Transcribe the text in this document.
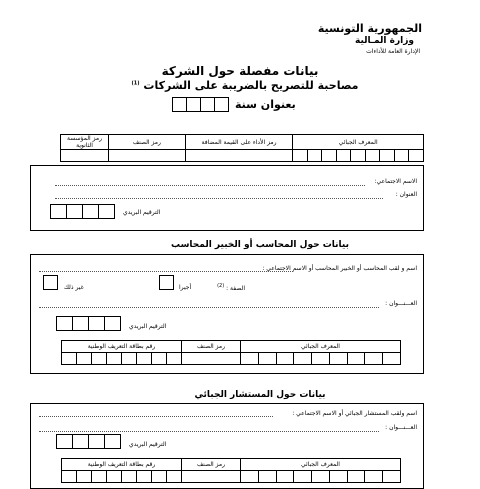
الجمهورية التونسية
وزارة المـالية
الإدارة العامة للأداءات
بيانات مفصلة حول الشركة
مصاحبة للتصريح بالضريبة على الشركات $^{(1)}$
بعنوان سنة
رمز المؤسسة الثانوية	رمز الصنف	رمز الأداء على القيمة المضافة	المعرف الجبائي								

الاسم الاجتماعي:
العنوان :
الترقيم البريدي
بيانات حول المحاسب أو الخبير المحاسب
اسم و لقب المحاسب أو الخبير المحاسب أو الاسم الاجتماعي :
الصفة : $^{(2)}$
أجيرا
غير ذلك
العـــنـــوان :
الترقيم البريدي
رقم بطاقة التعريف الوطنية								رمز الصنف	المعرف الجبائي								

بيانات حول المستشار الجبائي
اسم ولقب المستشار الجبائي أو الاسم الاجتماعي :
العـــنـــوان :
الترقيم البريدي
رقم بطاقة التعريف الوطنية								رمز الصنف	المعرف الجبائي								
